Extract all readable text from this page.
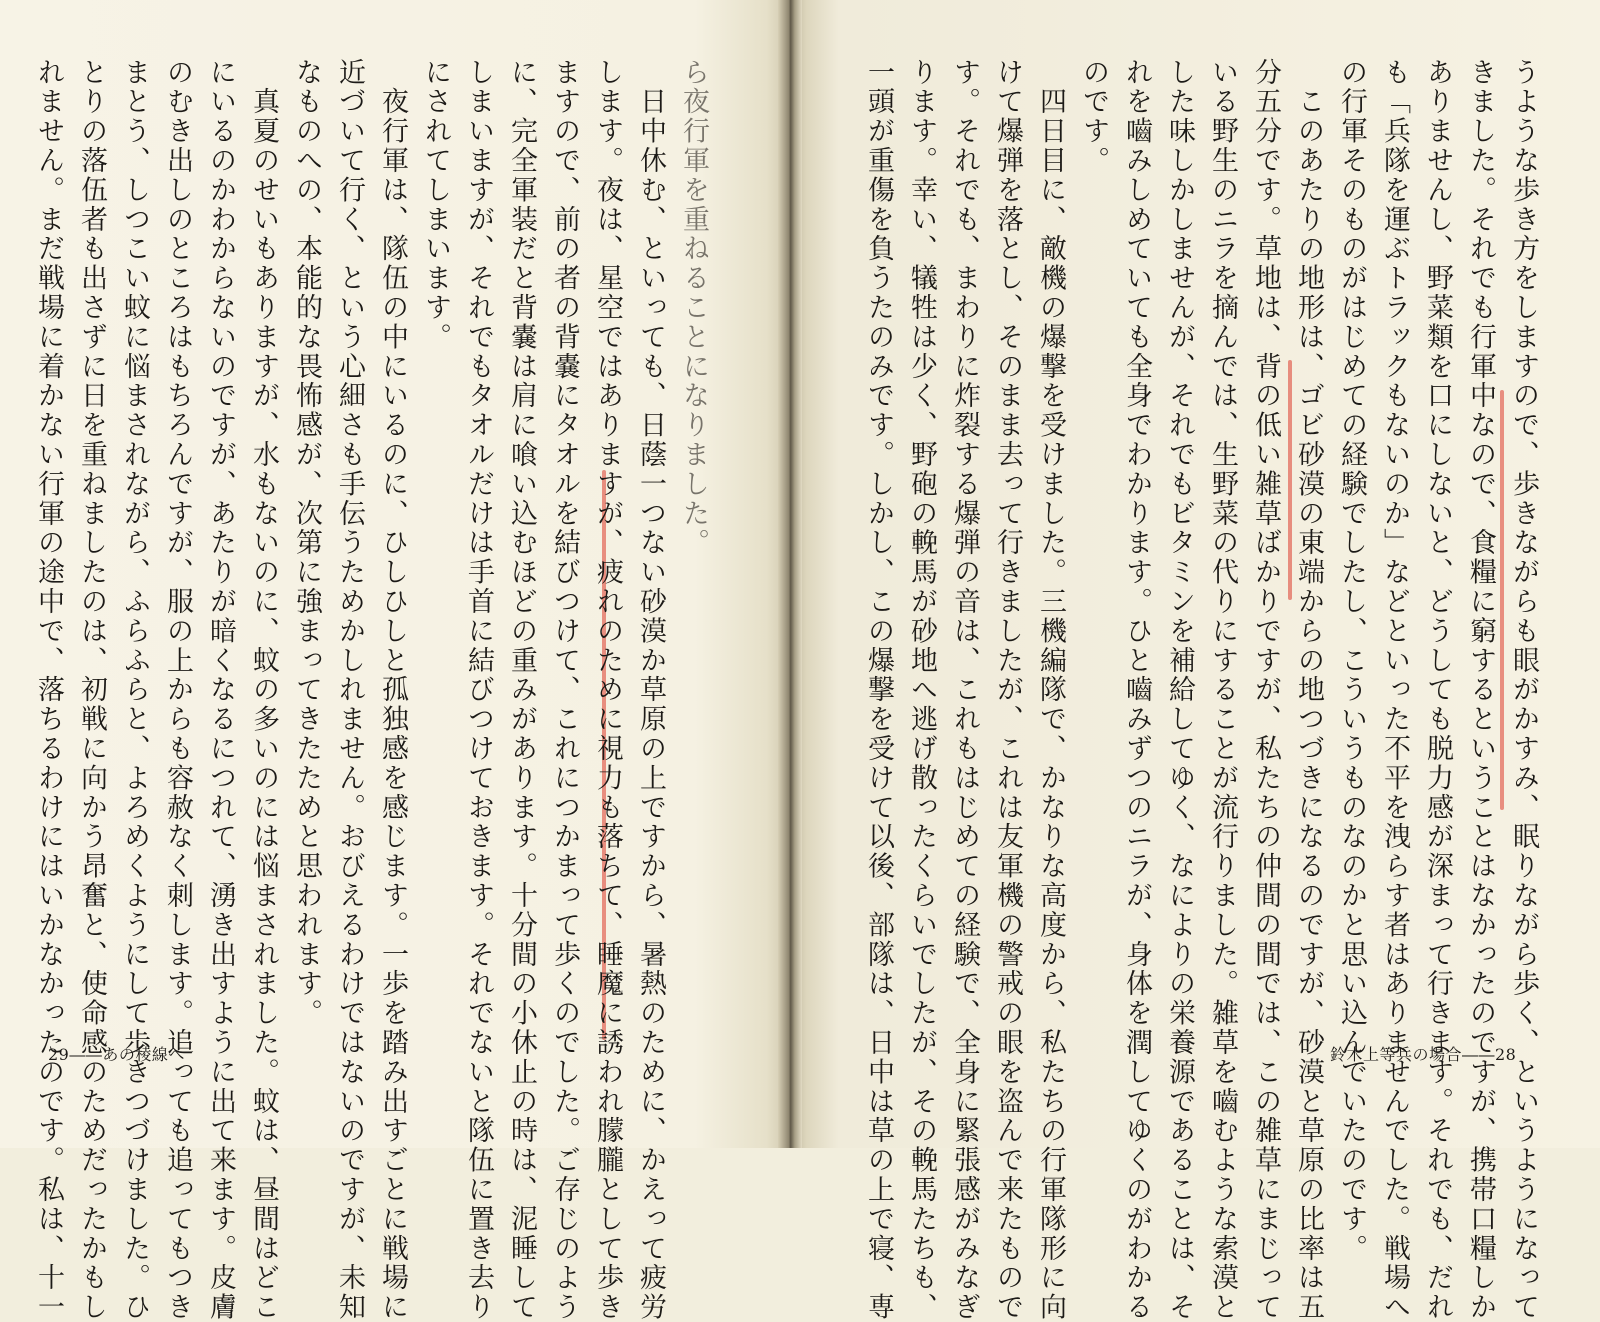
うような歩き方をしますので、歩きながらも眼がかすみ、眠りながら歩く、というようになって

きました。それでも行軍中なので、食糧に窮するということはなかったのですが、携帯口糧しか

ありませんし、野菜類を口にしないと、どうしても脱力感が深まって行きます。それでも、だれ

も「兵隊を運ぶトラックもないのか」などといった不平を洩らす者はありませんでした。戦場へ

の行軍そのものがはじめての経験でしたし、こういうものなのかと思い込んでいたのです。

　このあたりの地形は、ゴビ砂漠の東端からの地つづきになるのですが、砂漠と草原の比率は五

分五分です。草地は、背の低い雑草ばかりですが、私たちの仲間の間では、この雑草にまじって

いる野生のニラを摘んでは、生野菜の代りにすることが流行りました。雑草を嚙むような索漠と

した味しかしませんが、それでもビタミンを補給してゆく、なによりの栄養源であることは、そ

れを嚙みしめていても全身でわかります。ひと嚙みずつのニラが、身体を潤してゆくのがわかる

のです。

　四日目に、敵機の爆撃を受けました。三機編隊で、かなりな高度から、私たちの行軍隊形に向

けて爆弾を落とし、そのまま去って行きましたが、これは友軍機の警戒の眼を盗んで来たもので

す。それでも、まわりに炸裂する爆弾の音は、これもはじめての経験で、全身に緊張感がみなぎ

ります。幸い、犠牲は少く、野砲の輓馬が砂地へ逃げ散ったくらいでしたが、その輓馬たちも、

一頭が重傷を負うたのみです。しかし、この爆撃を受けて以後、部隊は、日中は草の上で寝、専

ら夜行軍を重ねることになりました。

　日中休む、といっても、日蔭一つない砂漠か草原の上ですから、暑熱のために、かえって疲労

します。夜は、星空ではありますが、疲れのために視力も落ちて、睡魔に誘われ朦朧として歩き

ますので、前の者の背嚢にタオルを結びつけて、これにつかまって歩くのでした。ご存じのよう

に、完全軍装だと背嚢は肩に喰い込むほどの重みがあります。十分間の小休止の時は、泥睡して

しまいますが、それでもタオルだけは手首に結びつけておきます。それでないと隊伍に置き去り

にされてしまいます。

　夜行軍は、隊伍の中にいるのに、ひしひしと孤独感を感じます。一歩を踏み出すごとに戦場に

近づいて行く、という心細さも手伝うためかしれません。おびえるわけではないのですが、未知

なものへの、本能的な畏怖感が、次第に強まってきたためと思われます。

　真夏のせいもありますが、水もないのに、蚊の多いのには悩まされました。蚊は、昼間はどこ

にいるのかわからないのですが、あたりが暗くなるにつれて、湧き出すように出て来ます。皮膚

のむき出しのところはもちろんですが、服の上からも容赦なく刺します。追っても追ってもつき

まとう、しつこい蚊に悩まされながら、ふらふらと、よろめくようにして歩きつづけました。ひ

とりの落伍者も出さずに日を重ねましたのは、初戦に向かう昂奮と、使命感のためだったかもし

れません。まだ戦場に着かない行軍の途中で、落ちるわけにはいかなかったのです。私は、十一

29――あの稜線へ	鈴木上等兵の場合――28
